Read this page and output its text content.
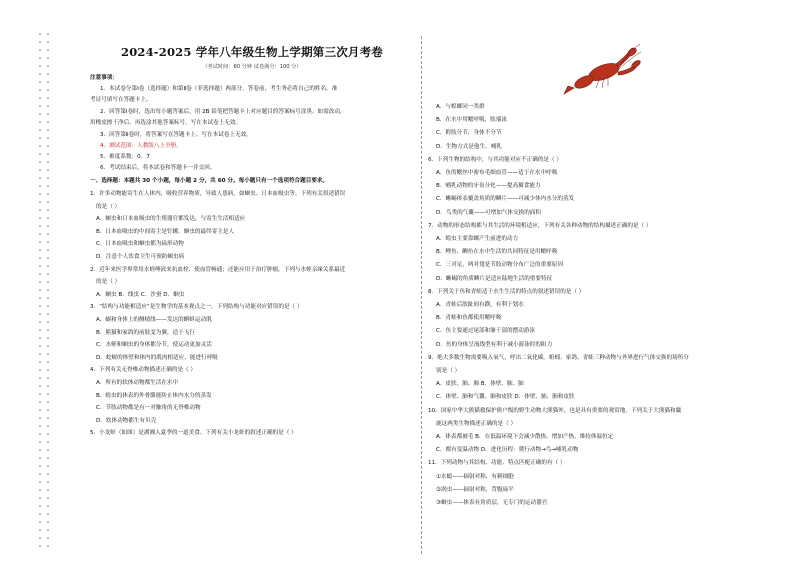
2024-2025 学年八年级生物上学期第三次月考卷
（考试时间：60 分钟 试卷满分：100 分）
注意事项：
1．本试卷分第Ⅰ卷（选择题）和第Ⅱ卷（非选择题）两部分。答卷前，考生务必将自己的姓名、准
考证号填写在答题卡上。
2．回答第Ⅰ卷时，选出每小题答案后，用 2B 铅笔把答题卡上对应题目的答案标号涂黑。如需改动，
用橡皮擦干净后，再选涂其他答案标号。写在本试卷上无效。
3．回答第Ⅱ卷时，将答案写在答题卡上。写在本试卷上无效。
4．测试范围：人教版八上全册。
5．难度系数：0．7
6．考试结束后，将本试卷和答题卡一并交回。
一、选择题：本题共 30 个小题，每小题 2 分，共 60 分。每小题只有一个选项符合题目要求。
1．许多动物能寄生在人体内，吸收营养物质，导致人患病，如蛔虫、日本血吸虫等。下列有关叙述错误
的是（ ）
A．蛔虫和日本血吸虫的生殖器官都发达，与寄生生活相适应
B．日本血吸虫的中间寄主是钉螺，蛔虫的最终寄主是人
C．日本血吸虫和蛔虫都为扁形动物
D．注意个人饮食卫生可预防蛔虫病
2．近年来医学界常用水蛭唾液来抗血栓、使血管畅通；还能应用于治疗肿瘤。下列与水蛭亲缘关系最近
的是（ ）
A．蛔虫 B．线虫 C．沙蚕 D．蛔虫
3．“结构与功能相适应”是生物学的基本观点之一。下列结构与功能对应错误的是（ ）
A．蜗和身体上的侧棱线——发达的蝌蚪运动肌
B．熊猫和家鸽的前肢变为翼，适于飞行
C．水蛭和蛔虫的身体都分节，使运动更加灵活
D．蛇蜕的体壁和体内的肌肉相适应，能进行呼吸
4．下列有关无脊椎动物描述正确的是（ ）
A．所有的软体动物都生活在水中
B．蝗虫的体表的外骨骼能防止体内水分的蒸发
C．节肢动物都是有一对触角的无脊椎动物
D．软体动物都生有贝壳
5．小龙虾（如图）是湖湘人夏季的一道美食。下列有关小龙虾的叙述正确的是（ ）
A．与蝗螂同一类群
B．在水中用鳃呼吸，肢端泳
C．附肢分节，身体不分节
D．生物方式是他生、哺乳
6．下列生物的结构中，与其功能对应不正确的是（ ）
A．鱼的鳃丝中密布毛细血管——适于在水中呼吸
B．哺乳动物的牙齿分化——提高摄食能力
C．蜥蜴体表覆盖角质的鳞片——可减少体内水分的蒸发
D．鸟类的气囊——可增加气体交换的面积
7．动物的形态结构都与其生活的环境相适应，下列有关各种动物的结构描述正确的是（ ）
A．蝗虫主要靠螺产生前进的动力
B．鲤鱼、鲫鱼在水中生活的共同特征是用鳃呼吸
C．三对足，两对翅是节肢动物分布广泛的重要原因
D．蜥蜴的角质鳞片是适应陆地生活的重要特征
8．下列关于鱼和青蛙适于水生生活的特点的叙述错误的是（ ）
A．青蛙后肢趾间有蹼，有利于划水
B．青蛙和鱼都使用鳃呼吸
C．鱼主要通过尾部和躯干部的摆动游泳
D．鱼的身体呈流线型有利于减小游泳时的阻力
9．绝大多数生物需要吸入氧气，呼出二氧化碳。蚯蚓、家鸽、青蛙三种动物与外界进行气体交换的场所分
别是（ ）
A．皮肤、肺、肺 B．体壁、肺、肺
C．体壁、肺和气囊、肺和皮肤 D．体壁、肺、肺和皮肤
10．国家中华大熊猫救保护熊户级的野生动物大熊猫外，也是具有重要的观赏地。下列关于大熊猫和麋
鹿这两类生物描述正确的是（ ）
A．体表都被毛 B．在低温环境下会减少散热、增加产热，维持体温恒定
C．都有变温动物 D．进化历程：爬行动物→鸟→哺乳动物
11．下列动物与其结构、功能、特点匹配正确的有（ ）
①水螅——辐射对称，有刺细胞
②涡虫——辐射对称，背腹扁平
③蛔虫——体表有角质层，无专门的运动器官
